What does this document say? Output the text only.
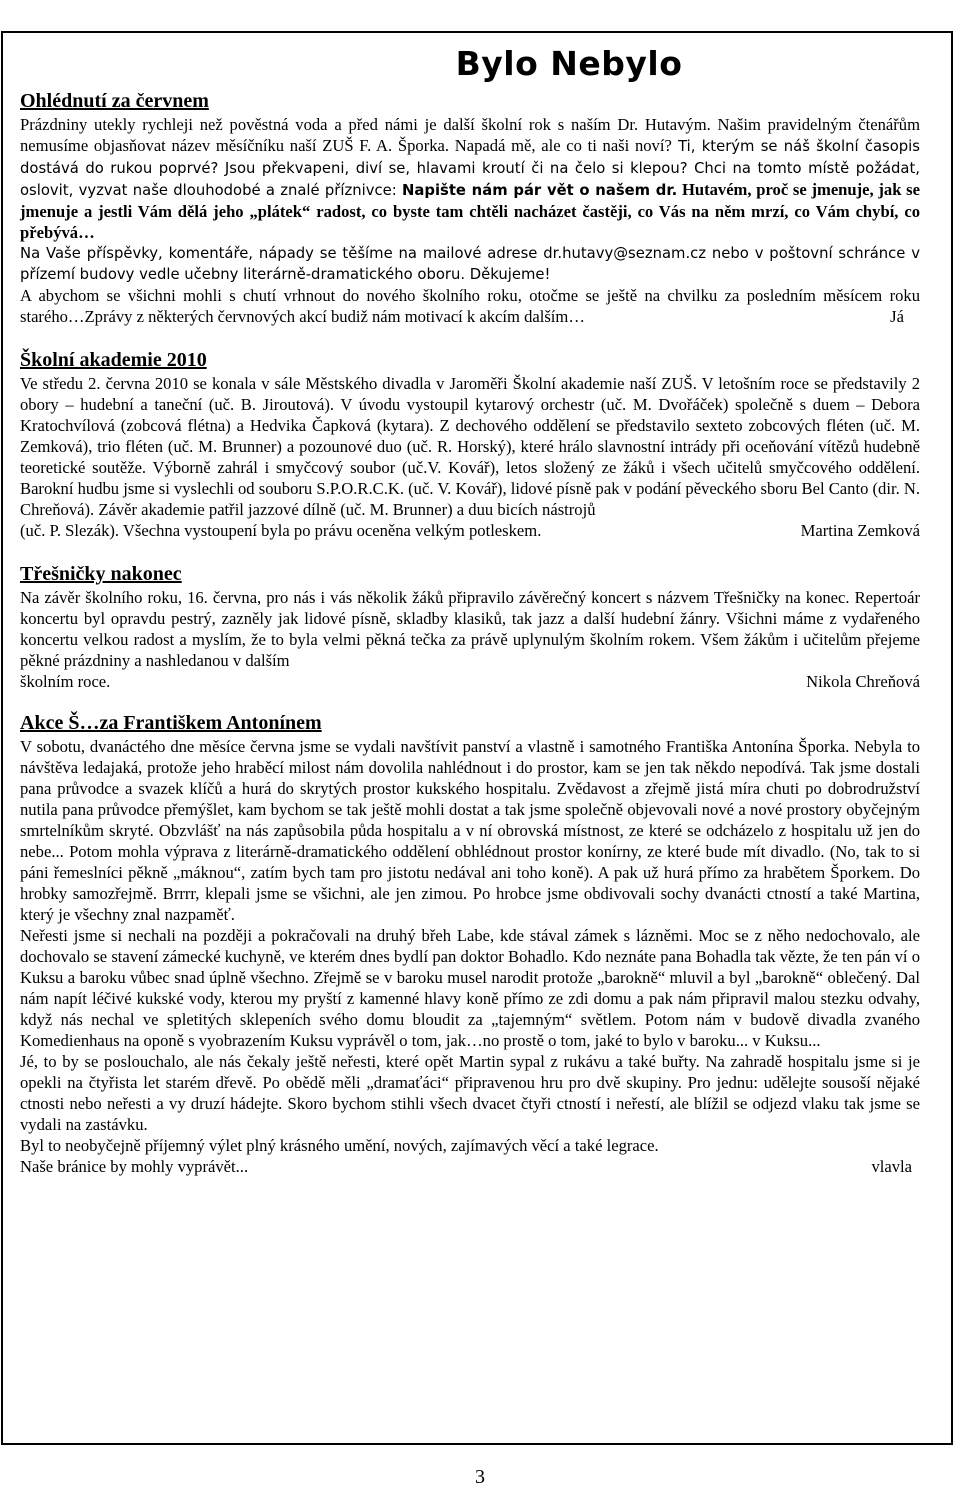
Bylo Nebylo
Ohlédnutí za červnem

Prázdniny utekly rychleji než pověstná voda a před námi je další školní rok s naším Dr. Hutavým. Našim pravidelným čtenářům nemusíme objasňovat název měsíčníku naší ZUŠ F. A. Šporka. Napadá mě, ale co ti naši noví? Ti, kterým se náš školní časopis dostává do rukou poprvé? Jsou překvapeni, diví se, hlavami kroutí či na čelo si klepou? Chci na tomto místě požádat, oslovit, vyzvat naše dlouhodobé a znalé příznivce: Napište nám pár vět o našem dr. Hutavém, proč se jmenuje, jak se jmenuje a jestli Vám dělá jeho „plátek“ radost, co byste tam chtěli nacházet častěji, co Vás na něm mrzí, co Vám chybí, co přebývá…

Na Vaše příspěvky, komentáře, nápady se těšíme na mailové adrese dr.hutavy@seznam.cz nebo v poštovní schránce v přízemí budovy vedle učebny literárně-dramatického oboru. Děkujeme!

A abychom se všichni mohli s chutí vrhnout do nového školního roku, otočme se ještě na chvilku za posledním měsícem roku starého…Zprávy z některých červnových akcí budiž nám motivací k akcím dalším…	Já

Školní akademie 2010

Ve středu 2. června 2010 se konala v sále Městského divadla v Jaroměři Školní akademie naší ZUŠ. V letošním roce se představily 2 obory – hudební a taneční (uč. B. Jiroutová). V úvodu vystoupil kytarový orchestr (uč. M. Dvořáček) společně s duem – Debora Kratochvílová (zobcová flétna) a Hedvika Čapková (kytara). Z dechového oddělení se představilo sexteto zobcových fléten (uč. M. Zemková), trio fléten (uč. M. Brunner) a pozounové duo (uč. R. Horský), které hrálo slavnostní intrády při oceňování vítězů hudebně teoretické soutěže. Výborně zahrál i smyčcový soubor (uč.V. Kovář), letos složený ze žáků i všech učitelů smyčcového oddělení. Barokní hudbu jsme si vyslechli od souboru S.P.O.R.C.K. (uč. V. Kovář), lidové písně pak v podání pěveckého sboru Bel Canto (dir. N. Chreňová). Závěr akademie patřil jazzové dílně (uč. M. Brunner) a duu bicích nástrojů

(uč. P. Slezák). Všechna vystoupení byla po právu oceněna velkým potleskem.	Martina Zemková
Třešničky nakonec

Na závěr školního roku, 16. června, pro nás i vás několik žáků připravilo závěrečný koncert s názvem Třešničky na konec. Repertoár koncertu byl opravdu pestrý, zazněly jak lidové písně, skladby klasiků, tak jazz a další hudební žánry. Všichni máme z vydařeného koncertu velkou radost a myslím, že to byla velmi pěkná tečka za právě uplynulým školním rokem. Všem žákům i učitelům přejeme pěkné prázdniny a nashledanou v dalším

školním roce.	Nikola Chreňová
Akce Š…za Františkem Antonínem

V sobotu, dvanáctého dne měsíce června jsme se vydali navštívit panství a vlastně i samotného Františka Antonína Šporka. Nebyla to návštěva ledajaká, protože jeho hraběcí milost nám dovolila nahlédnout i do prostor, kam se jen tak někdo nepodívá. Tak jsme dostali pana průvodce a svazek klíčů a hurá do skrytých prostor kukského hospitalu. Zvědavost a zřejmě jistá míra chuti po dobrodružství nutila pana průvodce přemýšlet, kam bychom se tak ještě mohli dostat a tak jsme společně objevovali nové a nové prostory obyčejným smrtelníkům skryté. Obzvlášť na nás zapůsobila půda hospitalu a v ní obrovská místnost, ze které se odcházelo z hospitalu už jen do nebe... Potom mohla výprava z literárně-dramatického oddělení obhlédnout prostor konírny, ze které bude mít divadlo. (No, tak to si páni řemeslníci pěkně „máknou“, zatím bych tam pro jistotu nedával ani toho koně). A pak už hurá přímo za hrabětem Šporkem. Do hrobky samozřejmě. Brrrr, klepali jsme se všichni, ale jen zimou. Po hrobce jsme obdivovali sochy dvanácti ctností a také Martina, který je všechny znal nazpaměť.

Neřesti jsme si nechali na později a pokračovali na druhý břeh Labe, kde stával zámek s lázněmi. Moc se z něho nedochovalo, ale dochovalo se stavení zámecké kuchyně, ve kterém dnes bydlí pan doktor Bohadlo. Kdo neznáte pana Bohadla tak vězte, že ten pán ví o Kuksu a baroku vůbec snad úplně všechno. Zřejmě se v baroku musel narodit protože „barokně“ mluvil a byl „barokně“ oblečený. Dal nám napít léčivé kukské vody, kterou my pryští z kamenné hlavy koně přímo ze zdi domu a pak nám připravil malou stezku odvahy, když nás nechal ve spletitých sklepeních svého domu bloudit za „tajemným“ světlem. Potom nám v budově divadla zvaného Komedienhaus na oponě s vyobrazením Kuksu vyprávěl o tom, jak…no prostě o tom, jaké to bylo v baroku... v Kuksu...

Jé, to by se poslouchalo, ale nás čekaly ještě neřesti, které opět Martin sypal z rukávu a také buřty. Na zahradě hospitalu jsme si je opekli na čtyřista let starém dřevě. Po obědě měli „dramaťáci“ připravenou hru pro dvě skupiny. Pro jednu: udělejte sousoší nějaké ctnosti nebo neřesti a vy druzí hádejte. Skoro bychom stihli všech dvacet čtyři ctností i neřestí, ale blížil se odjezd vlaku tak jsme se vydali na zastávku.

Byl to neobyčejně příjemný výlet plný krásného umění, nových, zajímavých věcí a také legrace.

Naše bránice by mohly vyprávět...	vlavla
3
